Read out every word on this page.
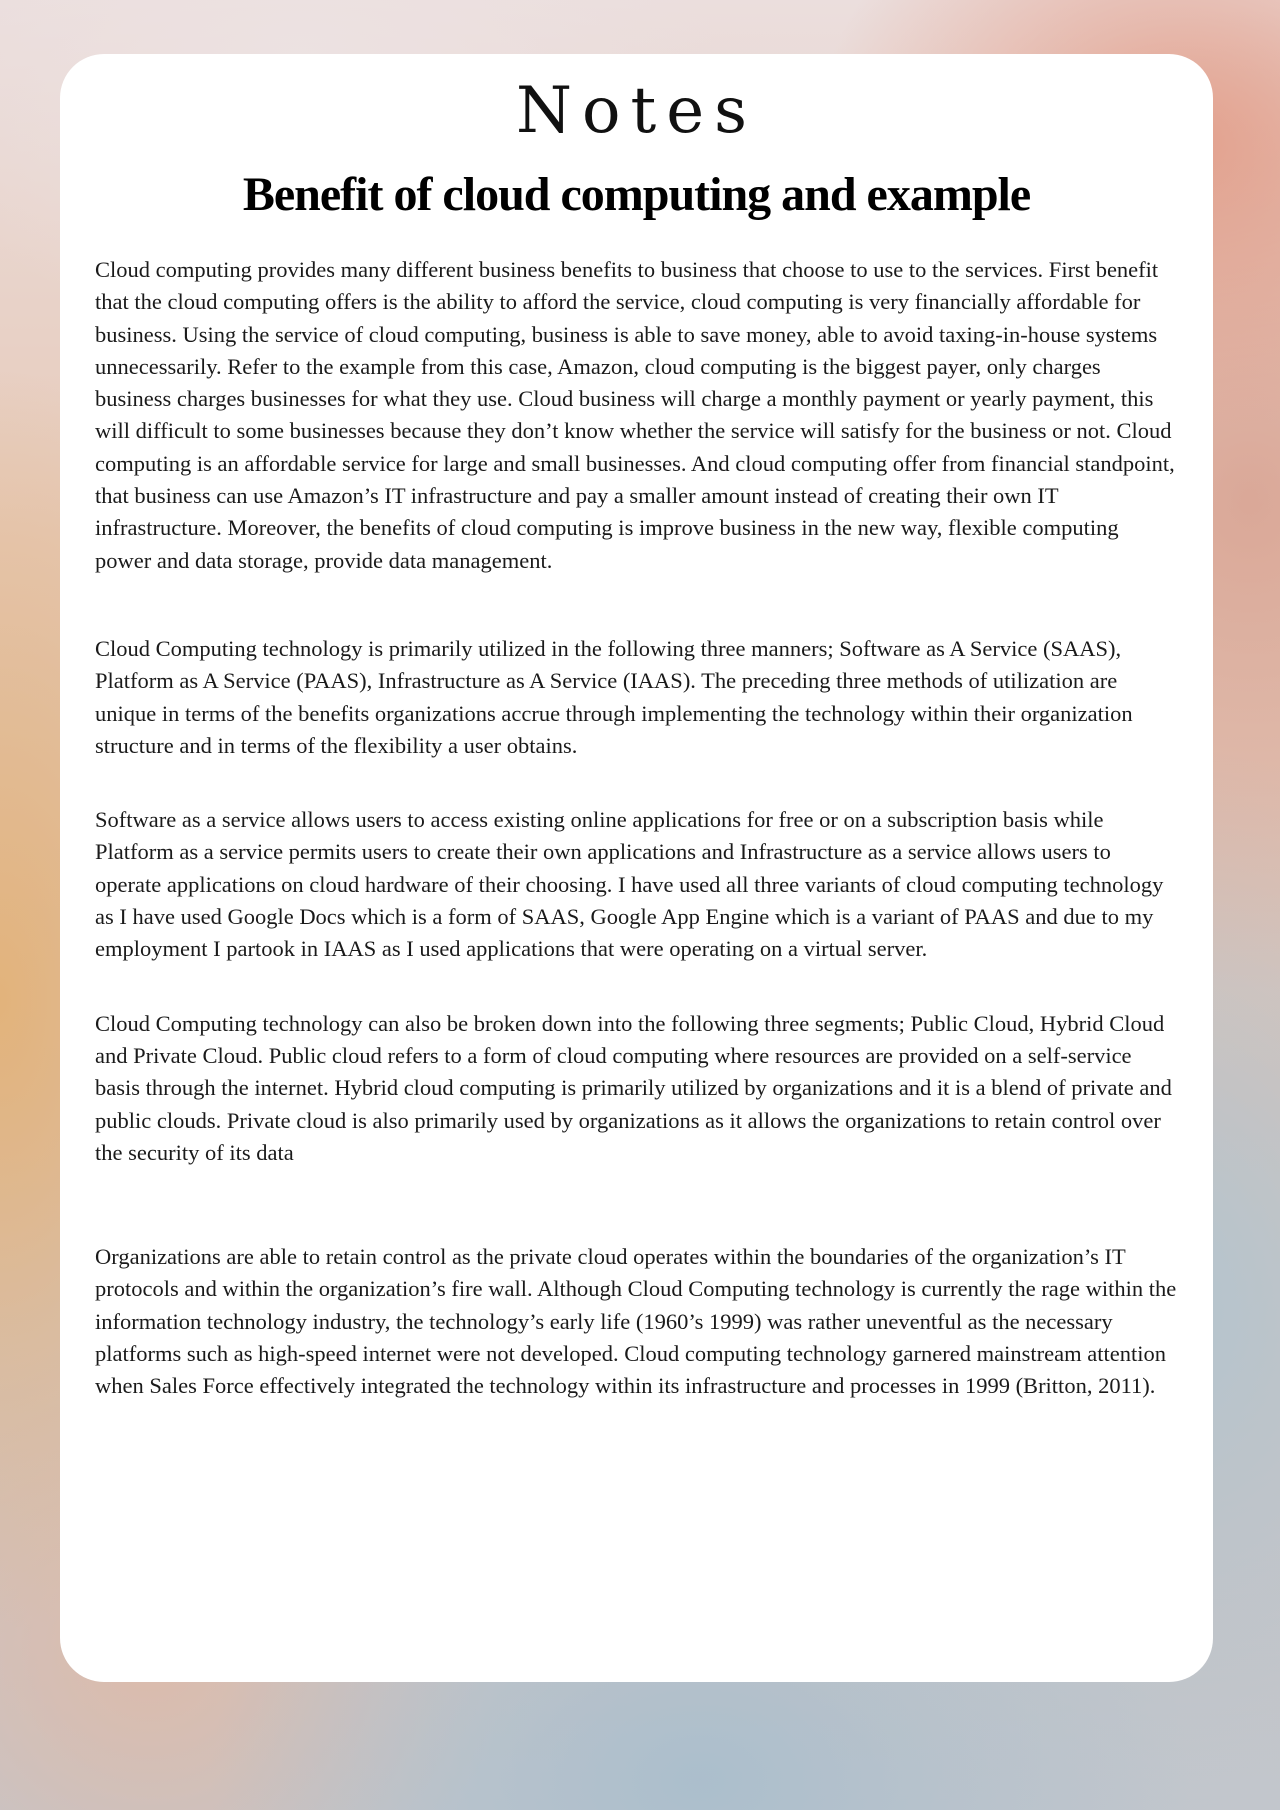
Notes
Benefit of cloud computing and example

Cloud computing provides many different business benefits to business that choose to use to the services. First benefit that the cloud computing offers is the ability to afford the service, cloud computing is very financially affordable for business. Using the service of cloud computing, business is able to save money, able to avoid taxing-in-house systems unnecessarily. Refer to the example from this case, Amazon, cloud computing is the biggest payer, only charges business charges businesses for what they use. Cloud business will charge a monthly payment or yearly payment, this will difficult to some businesses because they don’t know whether the service will satisfy for the business or not. Cloud computing is an affordable service for large and small businesses. And cloud computing offer from financial standpoint, that business can use Amazon’s IT infrastructure and pay a smaller amount instead of creating their own IT infrastructure. Moreover, the benefits of cloud computing is improve business in the new way, flexible computing power and data storage, provide data management.

Cloud Computing technology is primarily utilized in the following three manners; Software as A Service (SAAS), Platform as A Service (PAAS), Infrastructure as A Service (IAAS). The preceding three methods of utilization are unique in terms of the benefits organizations accrue through implementing the technology within their organization structure and in terms of the flexibility a user obtains.

Software as a service allows users to access existing online applications for free or on a subscription basis while Platform as a service permits users to create their own applications and Infrastructure as a service allows users to operate applications on cloud hardware of their choosing. I have used all three variants of cloud computing technology as I have used Google Docs which is a form of SAAS, Google App Engine which is a variant of PAAS and due to my employment I partook in IAAS as I used applications that were operating on a virtual server.

Cloud Computing technology can also be broken down into the following three segments; Public Cloud, Hybrid Cloud and Private Cloud. Public cloud refers to a form of cloud computing where resources are provided on a self-service basis through the internet. Hybrid cloud computing is primarily utilized by organizations and it is a blend of private and public clouds. Private cloud is also primarily used by organizations as it allows the organizations to retain control over the security of its data

Organizations are able to retain control as the private cloud operates within the boundaries of the organization’s IT protocols and within the organization’s fire wall. Although Cloud Computing technology is currently the rage within the information technology industry, the technology’s early life (1960’s 1999) was rather uneventful as the necessary platforms such as high-speed internet were not developed. Cloud computing technology garnered mainstream attention when Sales Force effectively integrated the technology within its infrastructure and processes in 1999 (Britton, 2011).
